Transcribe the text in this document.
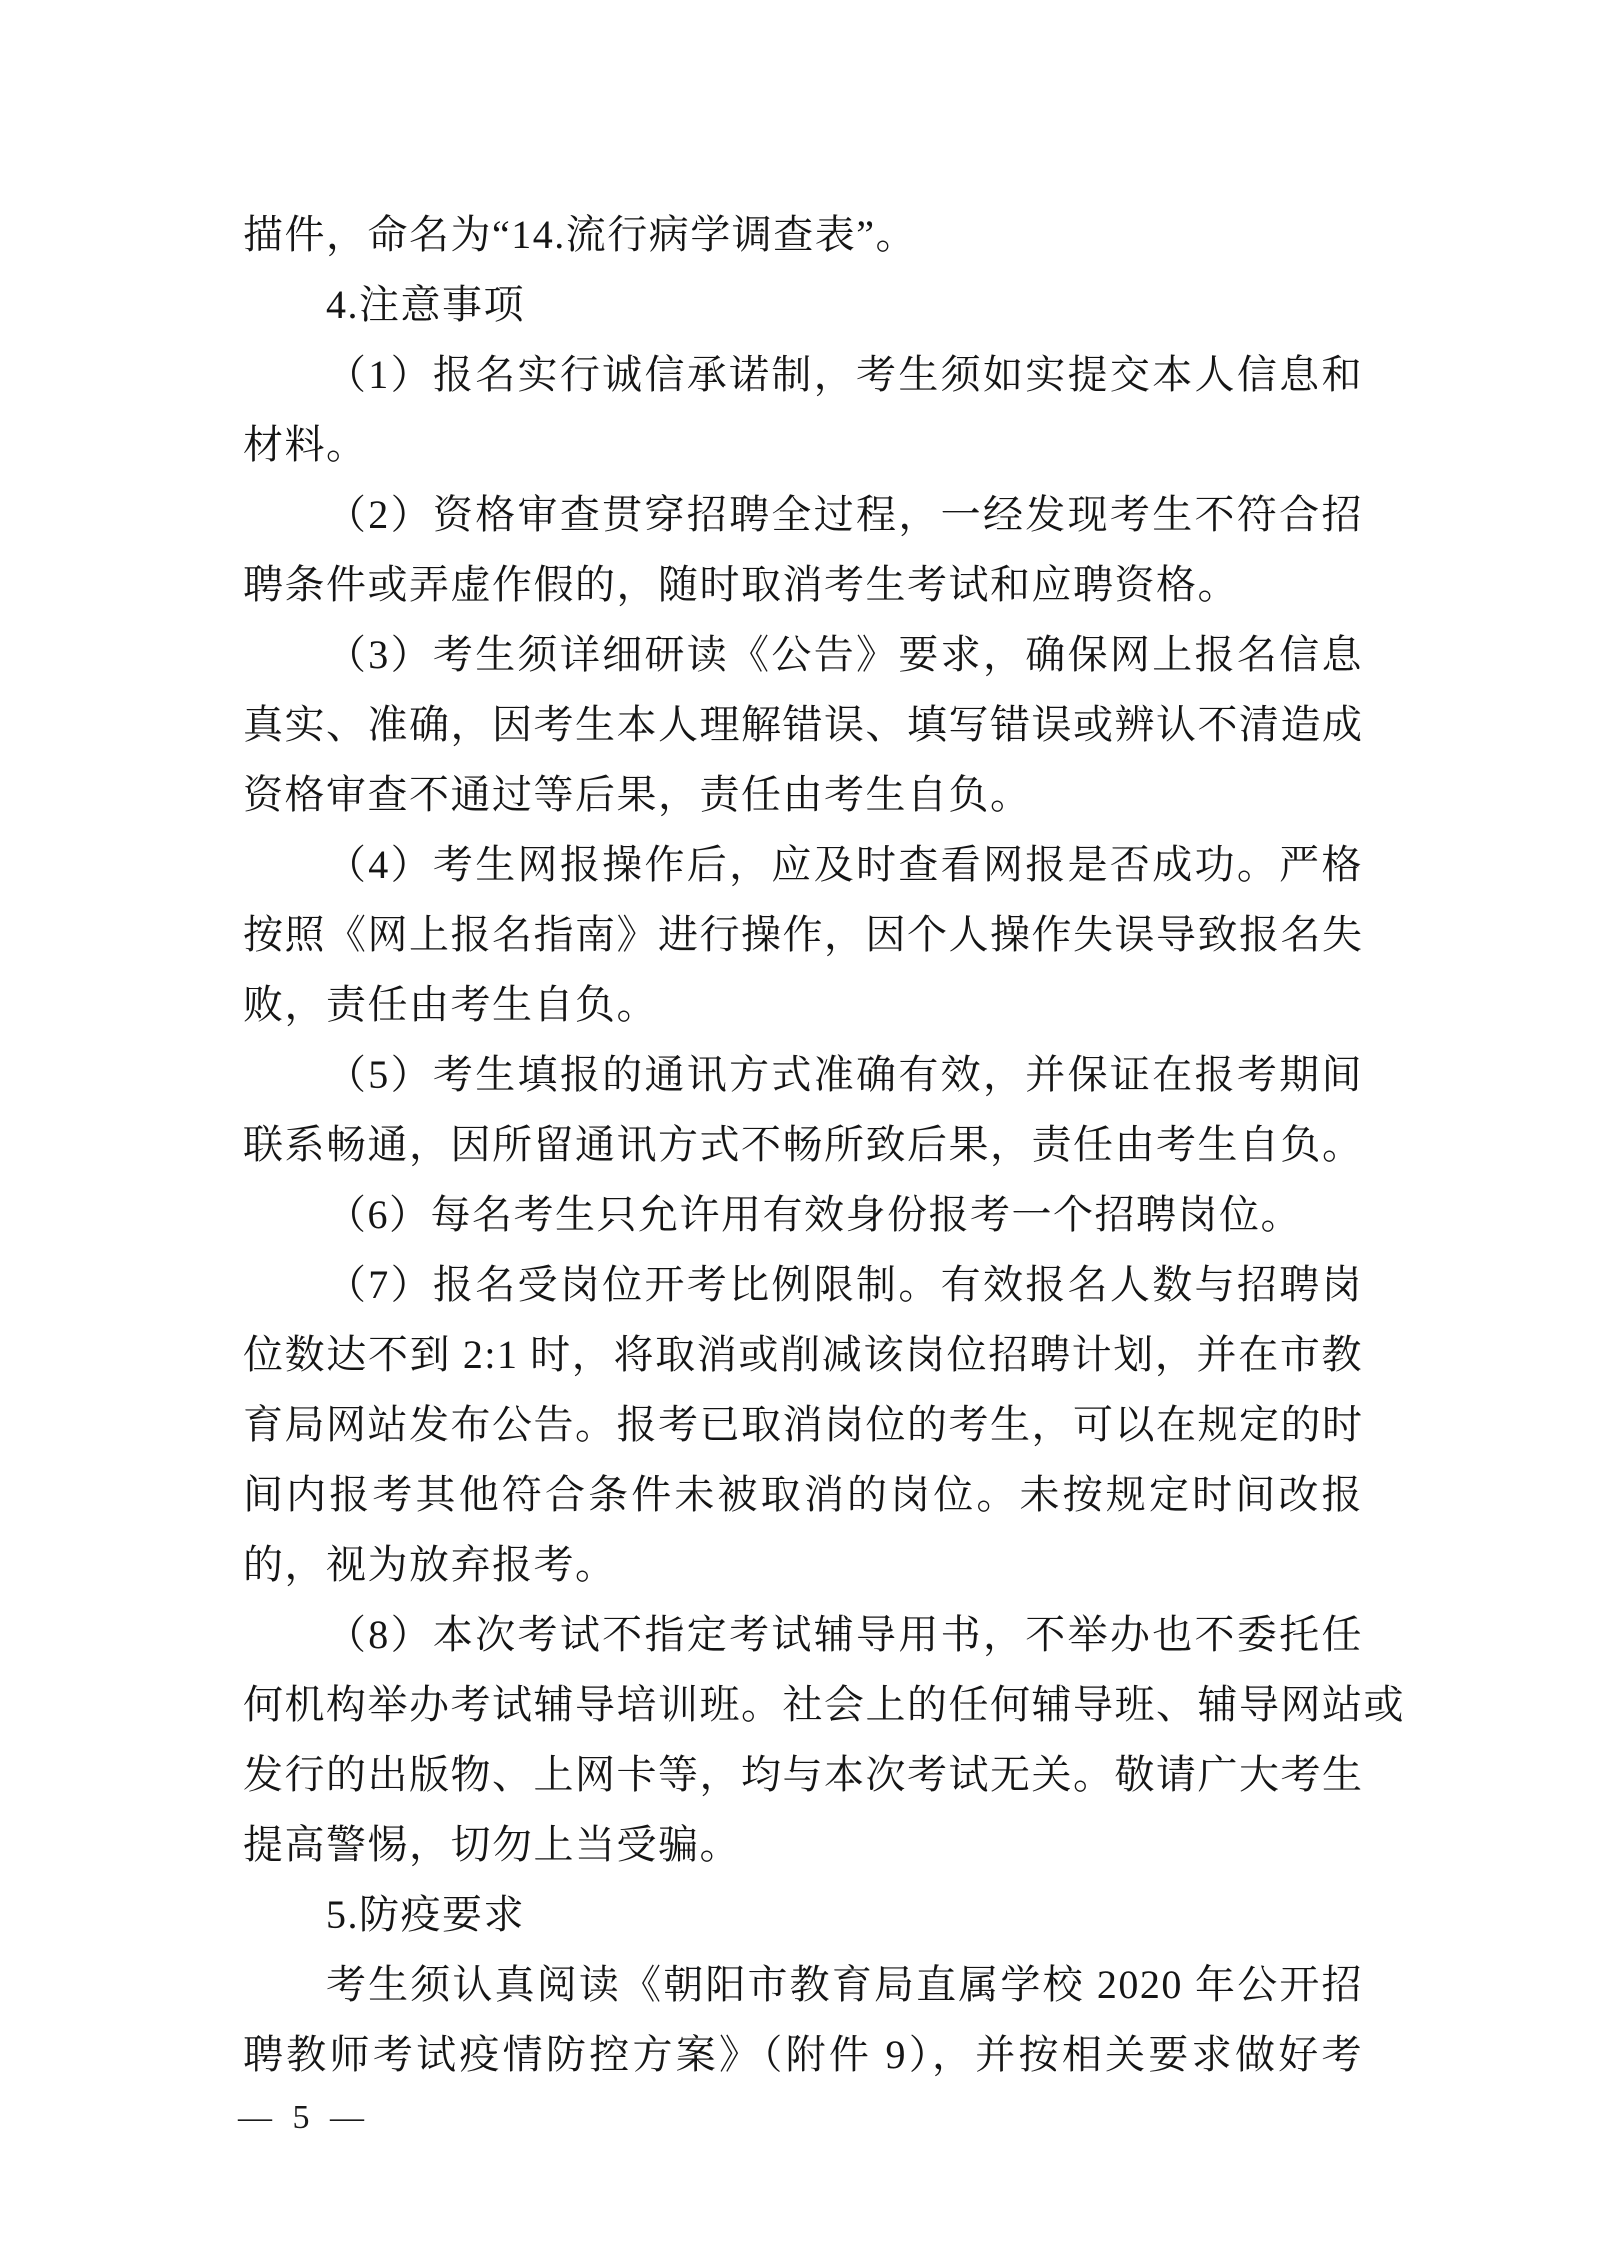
描件，命名为“14.流行病学调查表”。
4.注意事项
（1）报名实行诚信承诺制，考生须如实提交本人信息和
材料。
（2）资格审查贯穿招聘全过程，一经发现考生不符合招
聘条件或弄虚作假的，随时取消考生考试和应聘资格。
（3）考生须详细研读《公告》要求，确保网上报名信息
真实、准确，因考生本人理解错误、填写错误或辨认不清造成
资格审查不通过等后果，责任由考生自负。
（4）考生网报操作后，应及时查看网报是否成功。严格
按照《网上报名指南》进行操作，因个人操作失误导致报名失
败，责任由考生自负。
（5）考生填报的通讯方式准确有效，并保证在报考期间
联系畅通，因所留通讯方式不畅所致后果，责任由考生自负。
（6）每名考生只允许用有效身份报考一个招聘岗位。
（7）报名受岗位开考比例限制。有效报名人数与招聘岗
位数达不到 2:1 时，将取消或削减该岗位招聘计划，并在市教
育局网站发布公告。报考已取消岗位的考生，可以在规定的时
间内报考其他符合条件未被取消的岗位。未按规定时间改报
的，视为放弃报考。
（8）本次考试不指定考试辅导用书，不举办也不委托任
何机构举办考试辅导培训班。社会上的任何辅导班、辅导网站或
发行的出版物、上网卡等，均与本次考试无关。敬请广大考生
提高警惕，切勿上当受骗。
5.防疫要求
考生须认真阅读《朝阳市教育局直属学校 2020 年公开招
聘教师考试疫情防控方案》（附件 9），并按相关要求做好考
— 5 —
